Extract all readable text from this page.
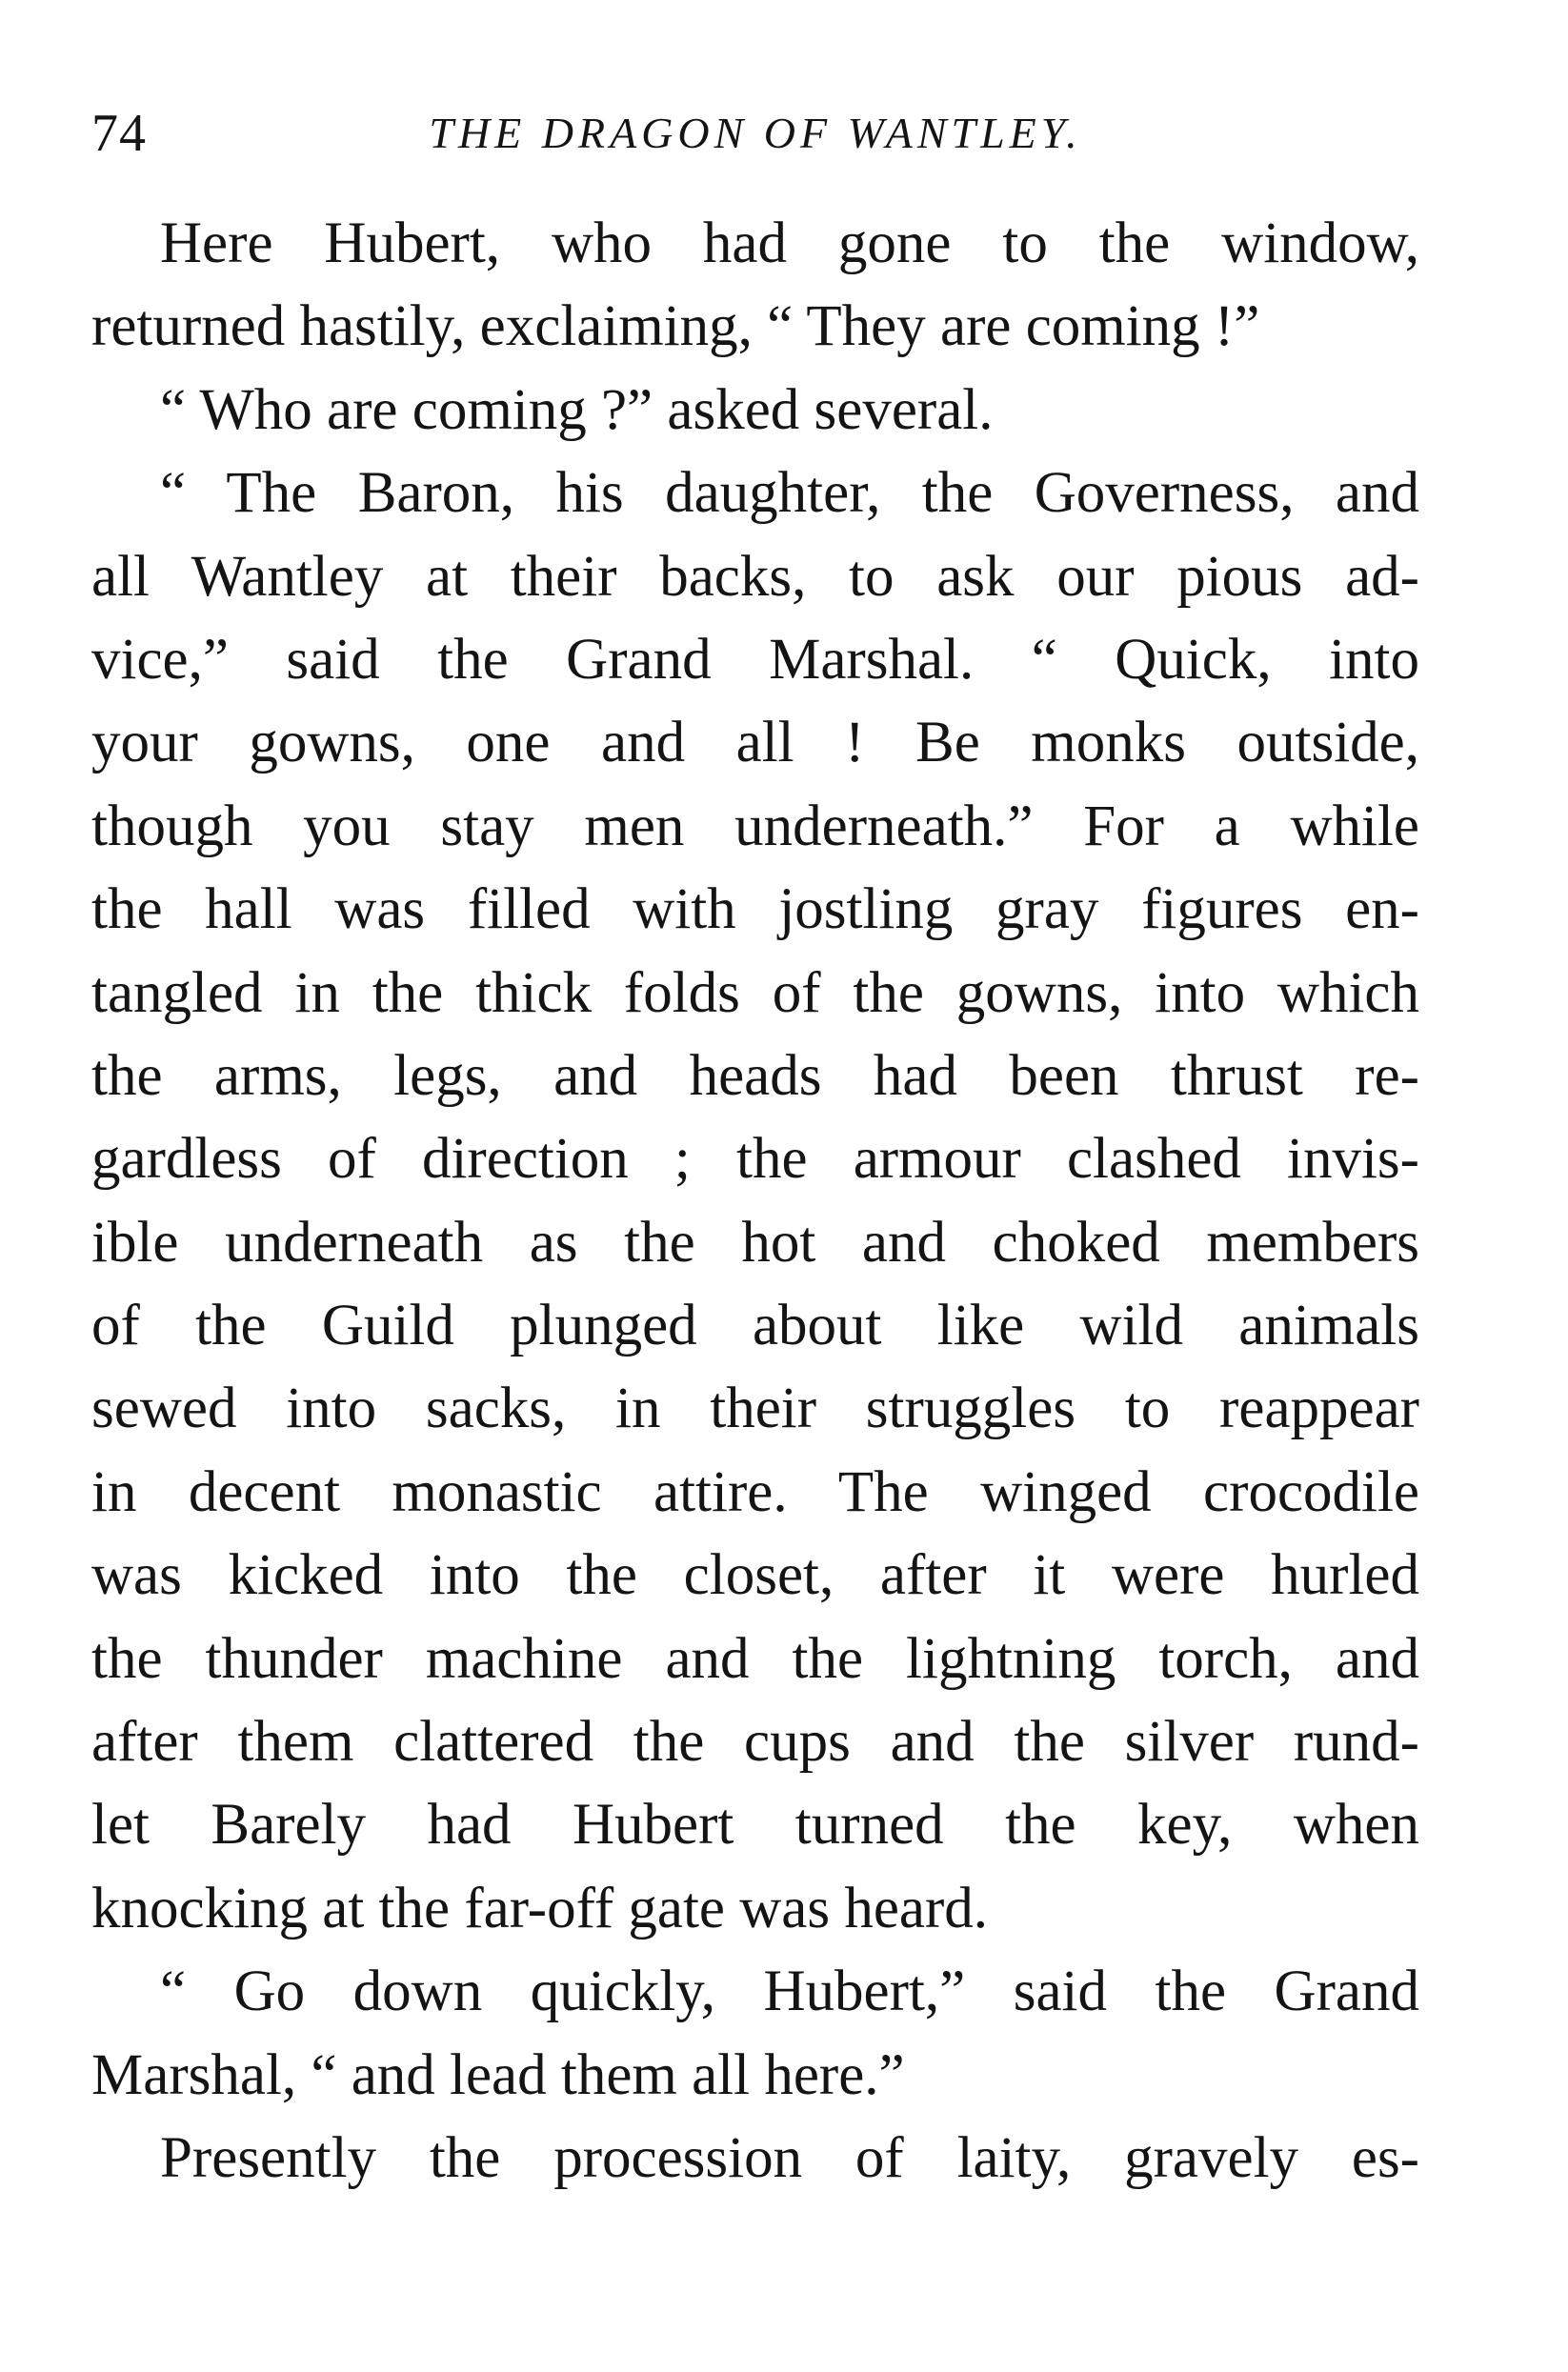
74	THE DRAGON OF WANTLEY.
Here Hubert, who had gone to the window,
returned hastily, exclaiming, “ They are coming !”
“ Who are coming ?” asked several.
“ The Baron, his daughter, the Governess, and
all Wantley at their backs, to ask our pious ad-
vice,” said the Grand Marshal. “ Quick, into
your gowns, one and all ! Be monks outside,
though you stay men underneath.” For a while
the hall was filled with jostling gray figures en-
tangled in the thick folds of the gowns, into which
the arms, legs, and heads had been thrust re-
gardless of direction ; the armour clashed invis-
ible underneath as the hot and choked members
of the Guild plunged about like wild animals
sewed into sacks, in their struggles to reappear
in decent monastic attire. The winged crocodile
was kicked into the closet, after it were hurled
the thunder machine and the lightning torch, and
after them clattered the cups and the silver rund-
let Barely had Hubert turned the key, when
knocking at the far-off gate was heard.
“ Go down quickly, Hubert,” said the Grand
Marshal, “ and lead them all here.”
Presently the procession of laity, gravely es-
